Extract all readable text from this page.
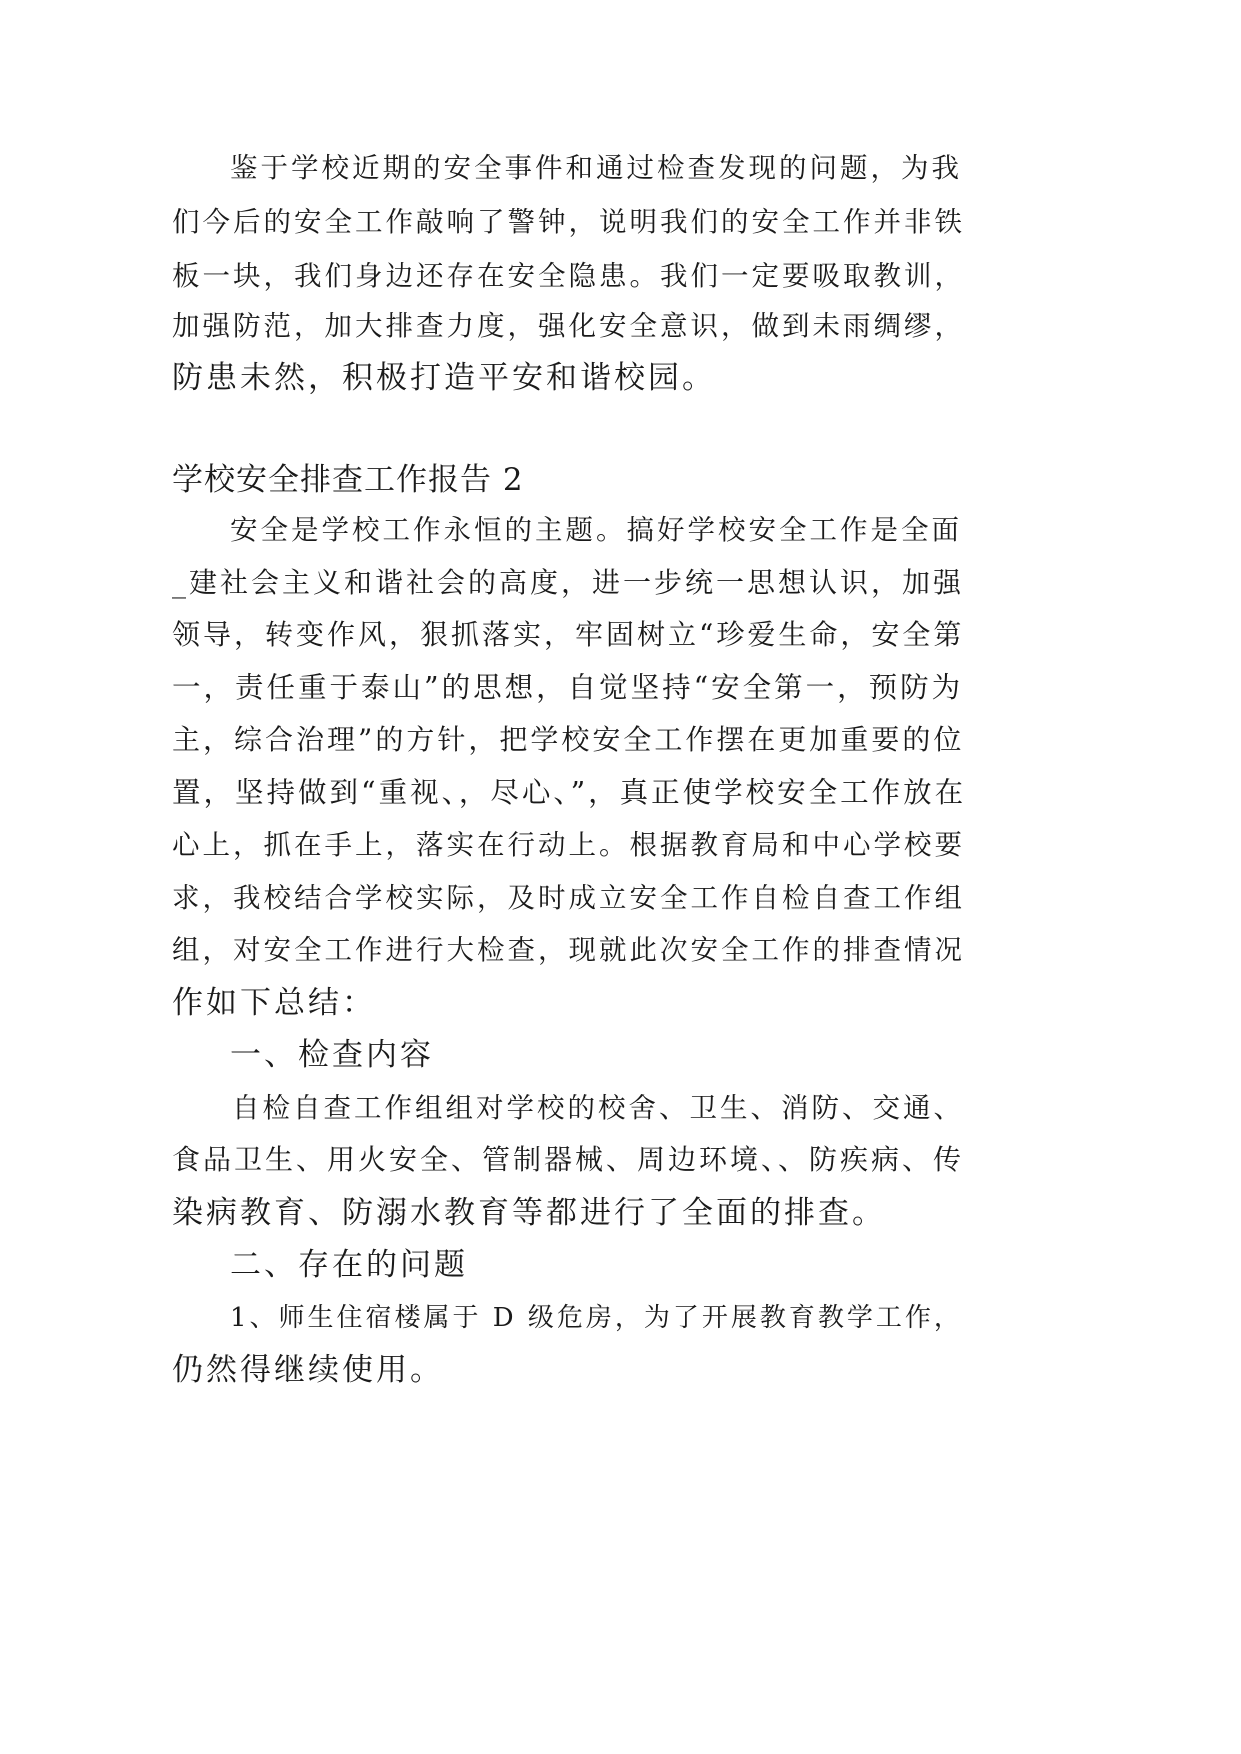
鉴于学校近期的安全事件和通过检查发现的问题，为我
们今后的安全工作敲响了警钟，说明我们的安全工作并非铁
板一块，我们身边还存在安全隐患。我们一定要吸取教训，
加强防范，加大排查力度，强化安全意识，做到未雨绸缪，
防患未然，积极打造平安和谐校园。
学校安全排查工作报告 2
安全是学校工作永恒的主题。搞好学校安全工作是全面
_建社会主义和谐社会的高度，进一步统一思想认识，加强
领导，转变作风，狠抓落实，牢固树立“珍爱生命，安全第
一，责任重于泰山”的思想，自觉坚持“安全第一，预防为
主，综合治理”的方针，把学校安全工作摆在更加重要的位
置，坚持做到“重视、，尽心、”，真正使学校安全工作放在
心上，抓在手上，落实在行动上。根据教育局和中心学校要
求，我校结合学校实际，及时成立安全工作自检自查工作组
组，对安全工作进行大检查，现就此次安全工作的排查情况
作如下总结：
一、检查内容
自检自查工作组组对学校的校舍、卫生、消防、交通、
食品卫生、用火安全、管制器械、周边环境、、防疾病、传
染病教育、防溺水教育等都进行了全面的排查。
二、存在的问题
1、师生住宿楼属于 D 级危房，为了开展教育教学工作，
仍然得继续使用。
